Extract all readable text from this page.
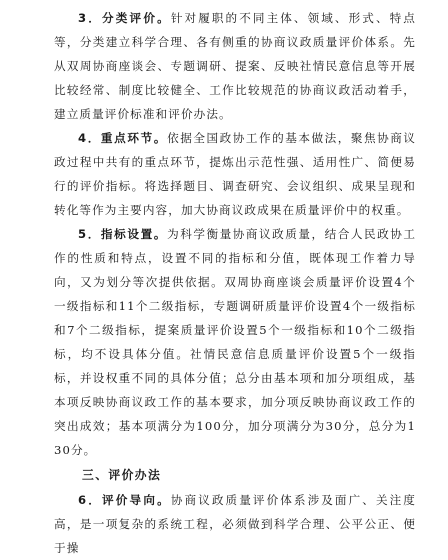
3．分类评价。针对履职的不同主体、领域、形式、特点等，分类建立科学合理、各有侧重的协商议政质量评价体系。先从双周协商座谈会、专题调研、提案、反映社情民意信息等开展比较经常、制度比较健全、工作比较规范的协商议政活动着手，建立质量评价标准和评价办法。

4．重点环节。依据全国政协工作的基本做法，聚焦协商议政过程中共有的重点环节，提炼出示范性强、适用性广、简便易行的评价指标。将选择题目、调查研究、会议组织、成果呈现和转化等作为主要内容，加大协商议政成果在质量评价中的权重。

5．指标设置。为科学衡量协商议政质量，结合人民政协工作的性质和特点，设置不同的指标和分值，既体现工作着力导向，又为划分等次提供依据。双周协商座谈会质量评价设置4个一级指标和11个二级指标，专题调研质量评价设置4个一级指标和7个二级指标，提案质量评价设置5个一级指标和10个二级指标，均不设具体分值。社情民意信息质量评价设置5个一级指标，并设权重不同的具体分值；总分由基本项和加分项组成，基本项反映协商议政工作的基本要求，加分项反映协商议政工作的突出成效；基本项满分为100分，加分项满分为30分，总分为130分。

三、评价办法

6．评价导向。协商议政质量评价体系涉及面广、关注度高，是一项复杂的系统工程，必须做到科学合理、公平公正、便于操
